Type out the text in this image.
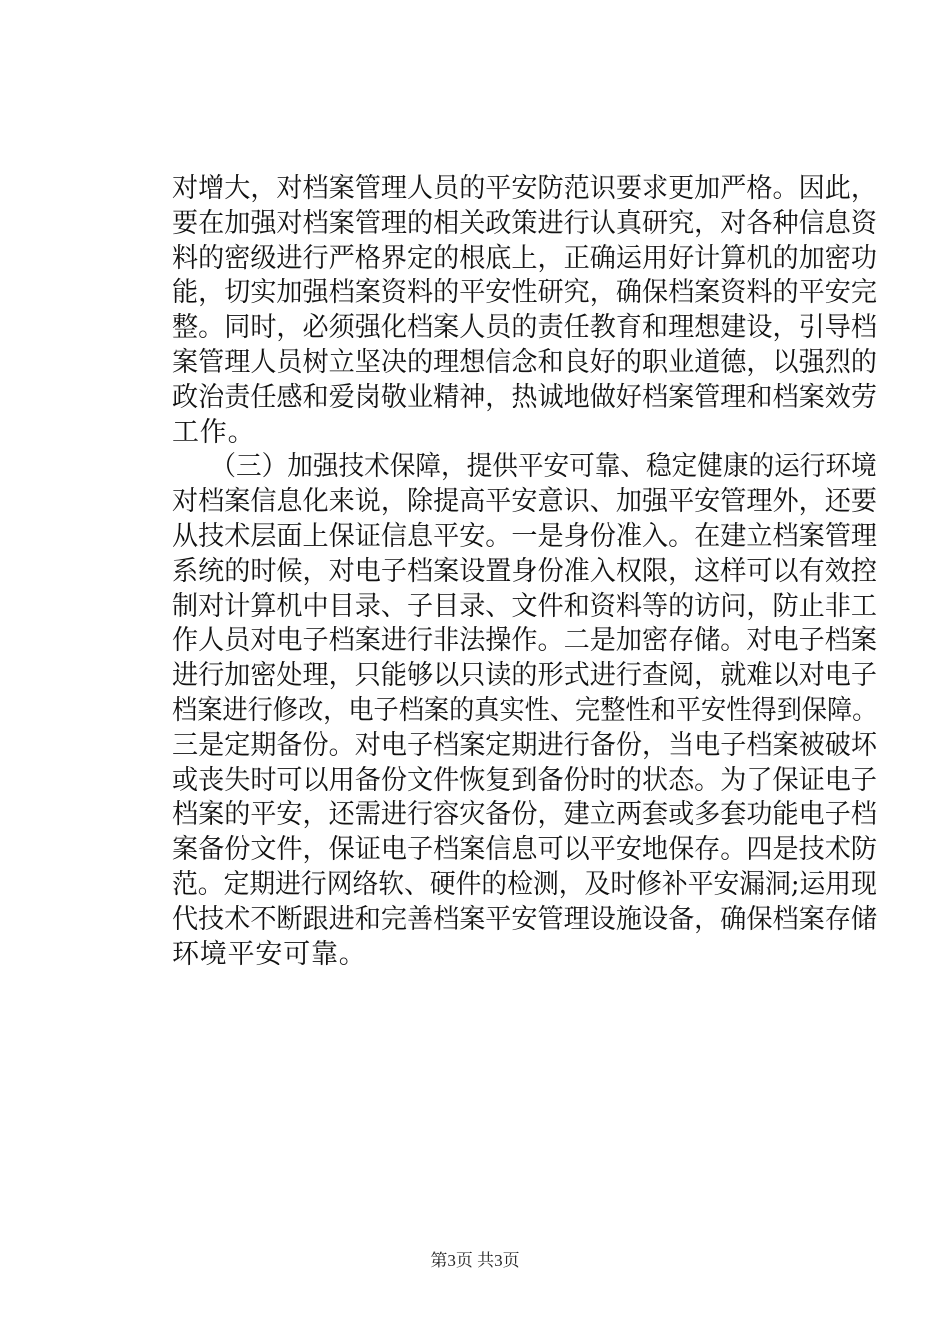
对增大，对档案管理人员的平安防范识要求更加严格。因此，
要在加强对档案管理的相关政策进行认真研究，对各种信息资
料的密级进行严格界定的根底上，正确运用好计算机的加密功
能，切实加强档案资料的平安性研究，确保档案资料的平安完
整。同时，必须强化档案人员的责任教育和理想建设，引导档
案管理人员树立坚决的理想信念和良好的职业道德，以强烈的
政治责任感和爱岗敬业精神，热诚地做好档案管理和档案效劳
工作。
　　（三）加强技术保障，提供平安可靠、稳定健康的运行环境
对档案信息化来说，除提高平安意识、加强平安管理外，还要
从技术层面上保证信息平安。一是身份准入。在建立档案管理
系统的时候，对电子档案设置身份准入权限，这样可以有效控
制对计算机中目录、子目录、文件和资料等的访问，防止非工
作人员对电子档案进行非法操作。二是加密存储。对电子档案
进行加密处理，只能够以只读的形式进行查阅，就难以对电子
档案进行修改，电子档案的真实性、完整性和平安性得到保障。
三是定期备份。对电子档案定期进行备份，当电子档案被破坏
或丧失时可以用备份文件恢复到备份时的状态。为了保证电子
档案的平安，还需进行容灾备份，建立两套或多套功能电子档
案备份文件，保证电子档案信息可以平安地保存。四是技术防
范。定期进行网络软、硬件的检测，及时修补平安漏洞;运用现
代技术不断跟进和完善档案平安管理设施设备，确保档案存储
环境平安可靠。
第3页 共3页
